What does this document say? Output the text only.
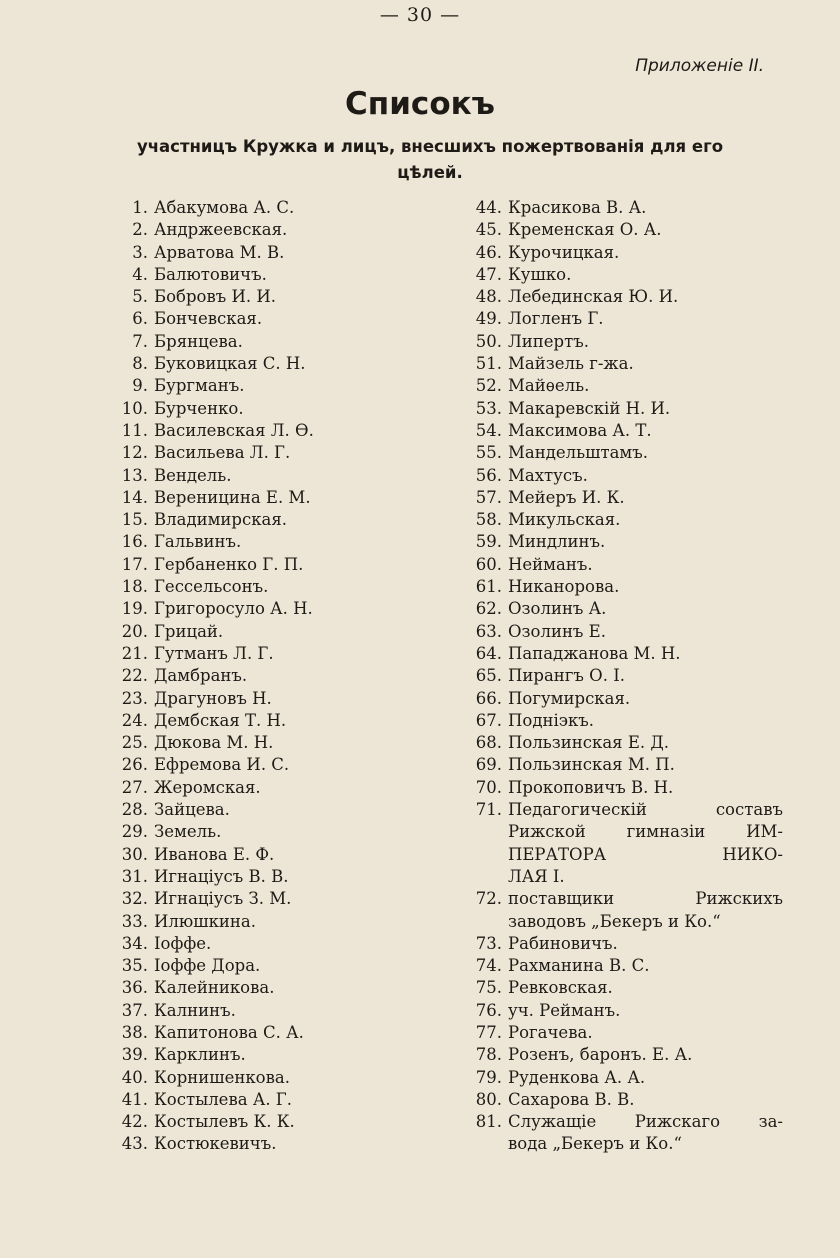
— 30 —
Приложеніе II.
Списокъ
участницъ Кружка и лицъ, внесшихъ пожертвованія для его цѣлей.
1. Абакумова А. С.
2. Андржеевская.
3. Арватова М. В.
4. Балютовичъ.
5. Бобровъ И. И.
6. Бончевская.
7. Брянцева.
8. Буковицкая С. Н.
9. Бургманъ.
10. Бурченко.
11. Василевская Л. Ѳ.
12. Васильева Л. Г.
13. Вендель.
14. Вереницина Е. М.
15. Владимирская.
16. Гальвинъ.
17. Гербаненко Г. П.
18. Гессельсонъ.
19. Григоросуло А. Н.
20. Грицай.
21. Гутманъ Л. Г.
22. Дамбранъ.
23. Драгуновъ Н.
24. Дембская Т. Н.
25. Дюкова М. Н.
26. Ефремова И. С.
27. Жеромская.
28. Зайцева.
29. Земель.
30. Иванова Е. Ф.
31. Игнаціусъ В. В.
32. Игнаціусъ З. М.
33. Илюшкина.
34. Іоффе.
35. Іоффе Дора.
36. Калейникова.
37. Калнинъ.
38. Капитонова С. А.
39. Карклинъ.
40. Корнишенкова.
41. Костылева А. Г.
42. Костылевъ К. К.
43. Костюкевичъ.
44. Красикова В. А.
45. Кременская О. А.
46. Курочицкая.
47. Кушко.
48. Лебединская Ю. И.
49. Логленъ Г.
50. Липертъ.
51. Майзель г-жа.
52. Майѳель.
53. Макаревскій Н. И.
54. Максимова А. Т.
55. Мандельштамъ.
56. Махтусъ.
57. Мейеръ И. К.
58. Микульская.
59. Миндлинъ.
60. Нейманъ.
61. Никанорова.
62. Озолинъ А.
63. Озолинъ Е.
64. Пападжанова М. Н.
65. Пирангъ О. I.
66. Погумирская.
67. Подніэкъ.
68. Пользинская Е. Д.
69. Пользинская М. П.
70. Прокоповичъ В. Н.
71. Педагогическій составъ
Рижской гимназіи ИМ-
ПЕРАТОРА НИКО-
ЛАЯ I.
72. поставщики Рижскихъ
заводовъ „Бекеръ и Ко.“
73. Рабиновичъ.
74. Рахманина В. С.
75. Ревковская.
76. уч. Рейманъ.
77. Рогачева.
78. Розенъ, баронъ. Е. А.
79. Руденкова А. А.
80. Сахарова В. В.
81. Служащіе Рижскаго за-
вода „Бекеръ и Ко.“
